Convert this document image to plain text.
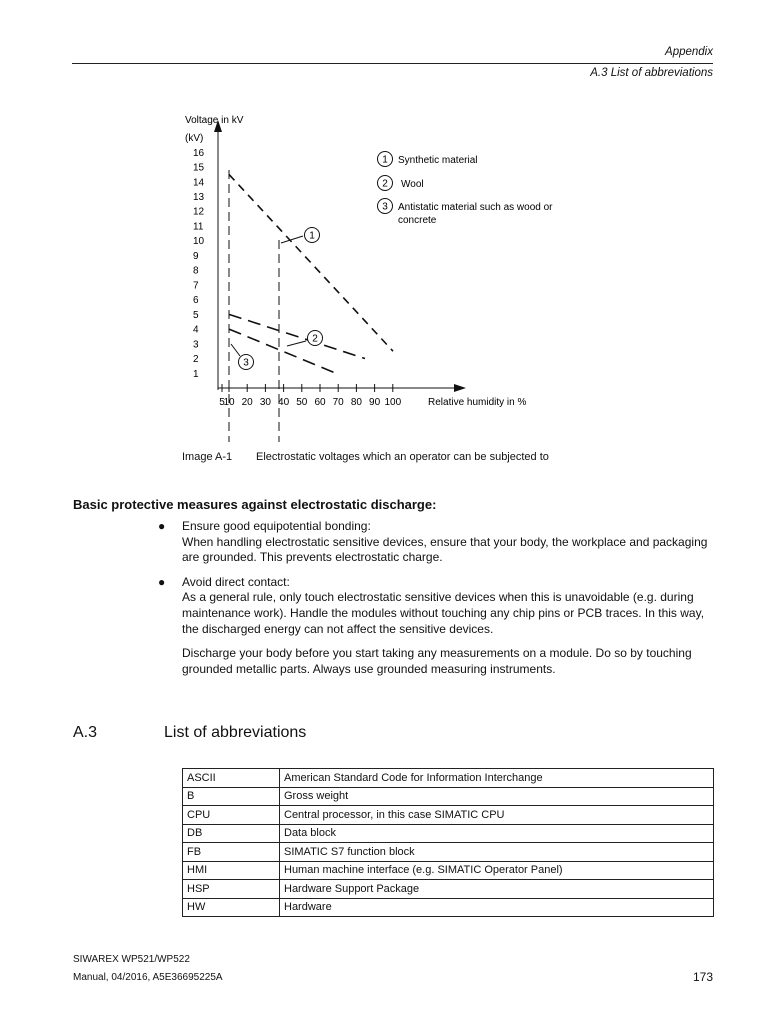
Appendix
A.3 List of abbreviations
Voltage in kV
(kV)
Relative humidity in %
1
2
3
4
5
6
7
8
9
10
11
12
13
14
15
16
5
10 20 30 40 50 60 70 80 90 100
1
2
3
1 Synthetic material
2 Wool
3 Antistatic material such as wood or
concrete
Image A-1 Electrostatic voltages which an operator can be subjected to
Basic protective measures against electrostatic discharge:
● Ensure good equipotential bonding:

When handling electrostatic sensitive devices, ensure that your body, the workplace and packaging are grounded. This prevents electrostatic charge.

● Avoid direct contact:

As a general rule, only touch electrostatic sensitive devices when this is unavoidable (e.g. during maintenance work). Handle the modules without touching any chip pins or PCB traces. In this way, the discharged energy can not affect the sensitive devices.

Discharge your body before you start taking any measurements on a module. Do so by touching grounded metallic parts. Always use grounded measuring instruments.

A.3	List of abbreviations
ASCII	American Standard Code for Information Interchange
B	Gross weight
CPU	Central processor, in this case SIMATIC CPU
DB	Data block
FB	SIMATIC S7 function block
HMI	Human machine interface (e.g. SIMATIC Operator Panel)
HSP	Hardware Support Package
HW	Hardware
SIWAREX WP521/WP522
Manual, 04/2016, A5E36695225A	173
